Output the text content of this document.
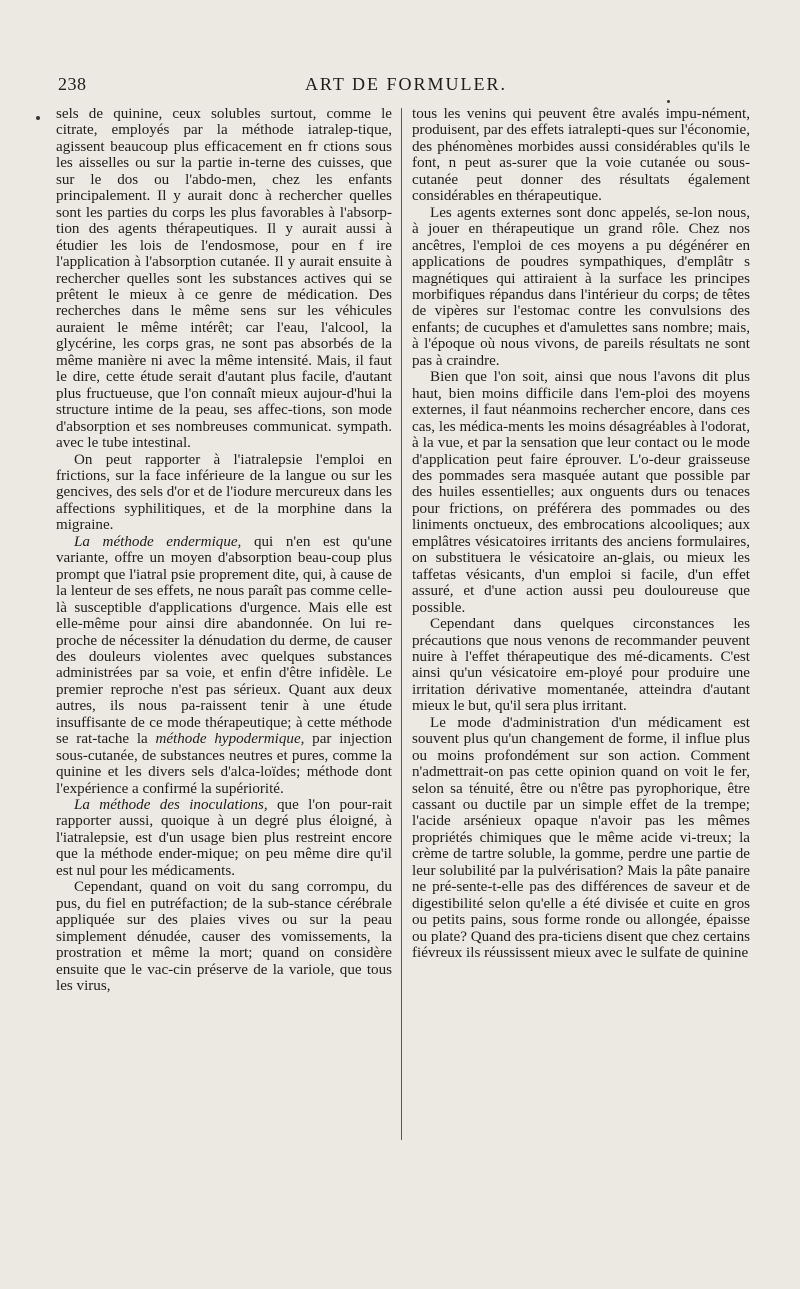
238	ART DE FORMULER.

sels de quinine, ceux solubles surtout, comme le citrate, employés par la méthode iatralep-tique, agissent beaucoup plus efficacement en fr ctions sous les aisselles ou sur la partie in-terne des cuisses, que sur le dos ou l'abdo-men, chez les enfants principalement. Il y aurait donc à rechercher quelles sont les parties du corps les plus favorables à l'absorp-tion des agents thérapeutiques. Il y aurait aussi à étudier les lois de l'endosmose, pour en f ire l'application à l'absorption cutanée. Il y aurait ensuite à rechercher quelles sont les substances actives qui se prêtent le mieux à ce genre de médication. Des recherches dans le même sens sur les véhicules auraient le même intérêt; car l'eau, l'alcool, la glycérine, les corps gras, ne sont pas absorbés de la même manière ni avec la même intensité. Mais, il faut le dire, cette étude serait d'autant plus facile, d'autant plus fructueuse, que l'on connaît mieux aujour-d'hui la structure intime de la peau, ses affec-tions, son mode d'absorption et ses nombreuses communicat. sympath. avec le tube intestinal.

On peut rapporter à l'iatralepsie l'emploi en frictions, sur la face inférieure de la langue ou sur les gencives, des sels d'or et de l'iodure mercureux dans les affections syphilitiques, et de la morphine dans la migraine.

La méthode endermique, qui n'en est qu'une variante, offre un moyen d'absorption beau-coup plus prompt que l'iatral psie proprement dite, qui, à cause de la lenteur de ses effets, ne nous paraît pas comme celle-là susceptible d'applications d'urgence. Mais elle est elle-même pour ainsi dire abandonnée. On lui re-proche de nécessiter la dénudation du derme, de causer des douleurs violentes avec quelques substances administrées par sa voie, et enfin d'être infidèle. Le premier reproche n'est pas sérieux. Quant aux deux autres, ils nous pa-raissent tenir à une étude insuffisante de ce mode thérapeutique; à cette méthode se rat-tache la méthode hypodermique, par injection sous-cutanée, de substances neutres et pures, comme la quinine et les divers sels d'alca-loïdes; méthode dont l'expérience a confirmé la supériorité.

La méthode des inoculations, que l'on pour-rait rapporter aussi, quoique à un degré plus éloigné, à l'iatralepsie, est d'un usage bien plus restreint encore que la méthode ender-mique; on peu même dire qu'il est nul pour les médicaments.

Cependant, quand on voit du sang corrompu, du pus, du fiel en putréfaction; de la sub-stance cérébrale appliquée sur des plaies vives ou sur la peau simplement dénudée, causer des vomissements, la prostration et même la mort; quand on considère ensuite que le vac-cin préserve de la variole, que tous les virus,

tous les venins qui peuvent être avalés impu-nément, produisent, par des effets iatralepti-ques sur l'économie, des phénomènes morbides aussi considérables qu'ils le font, n peut as-surer que la voie cutanée ou sous-cutanée peut donner des résultats également considérables en thérapeutique.

Les agents externes sont donc appelés, se-lon nous, à jouer en thérapeutique un grand rôle. Chez nos ancêtres, l'emploi de ces moyens a pu dégénérer en applications de poudres sympathiques, d'emplâtr s magnétiques qui attiraient à la surface les principes morbifiques répandus dans l'intérieur du corps; de têtes de vipères sur l'estomac contre les convulsions des enfants; de cucuphes et d'amulettes sans nombre; mais, à l'époque où nous vivons, de pareils résultats ne sont pas à craindre.

Bien que l'on soit, ainsi que nous l'avons dit plus haut, bien moins difficile dans l'em-ploi des moyens externes, il faut néanmoins rechercher encore, dans ces cas, les médica-ments les moins désagréables à l'odorat, à la vue, et par la sensation que leur contact ou le mode d'application peut faire éprouver. L'o-deur graisseuse des pommades sera masquée autant que possible par des huiles essentielles; aux onguents durs ou tenaces pour frictions, on préférera des pommades ou des liniments onctueux, des embrocations alcooliques; aux emplâtres vésicatoires irritants des anciens formulaires, on substituera le vésicatoire an-glais, ou mieux les taffetas vésicants, d'un emploi si facile, d'un effet assuré, et d'une action aussi peu douloureuse que possible.

Cependant dans quelques circonstances les précautions que nous venons de recommander peuvent nuire à l'effet thérapeutique des mé-dicaments. C'est ainsi qu'un vésicatoire em-ployé pour produire une irritation dérivative momentanée, atteindra d'autant mieux le but, qu'il sera plus irritant.

Le mode d'administration d'un médicament est souvent plus qu'un changement de forme, il influe plus ou moins profondément sur son action. Comment n'admettrait-on pas cette opinion quand on voit le fer, selon sa ténuité, être ou n'être pas pyrophorique, être cassant ou ductile par un simple effet de la trempe; l'acide arsénieux opaque n'avoir pas les mêmes propriétés chimiques que le même acide vi-treux; la crème de tartre soluble, la gomme, perdre une partie de leur solubilité par la pulvérisation? Mais la pâte panaire ne pré-sente-t-elle pas des différences de saveur et de digestibilité selon qu'elle a été divisée et cuite en gros ou petits pains, sous forme ronde ou allongée, épaisse ou plate? Quand des pra-ticiens disent que chez certains fiévreux ils réussissent mieux avec le sulfate de quinine
